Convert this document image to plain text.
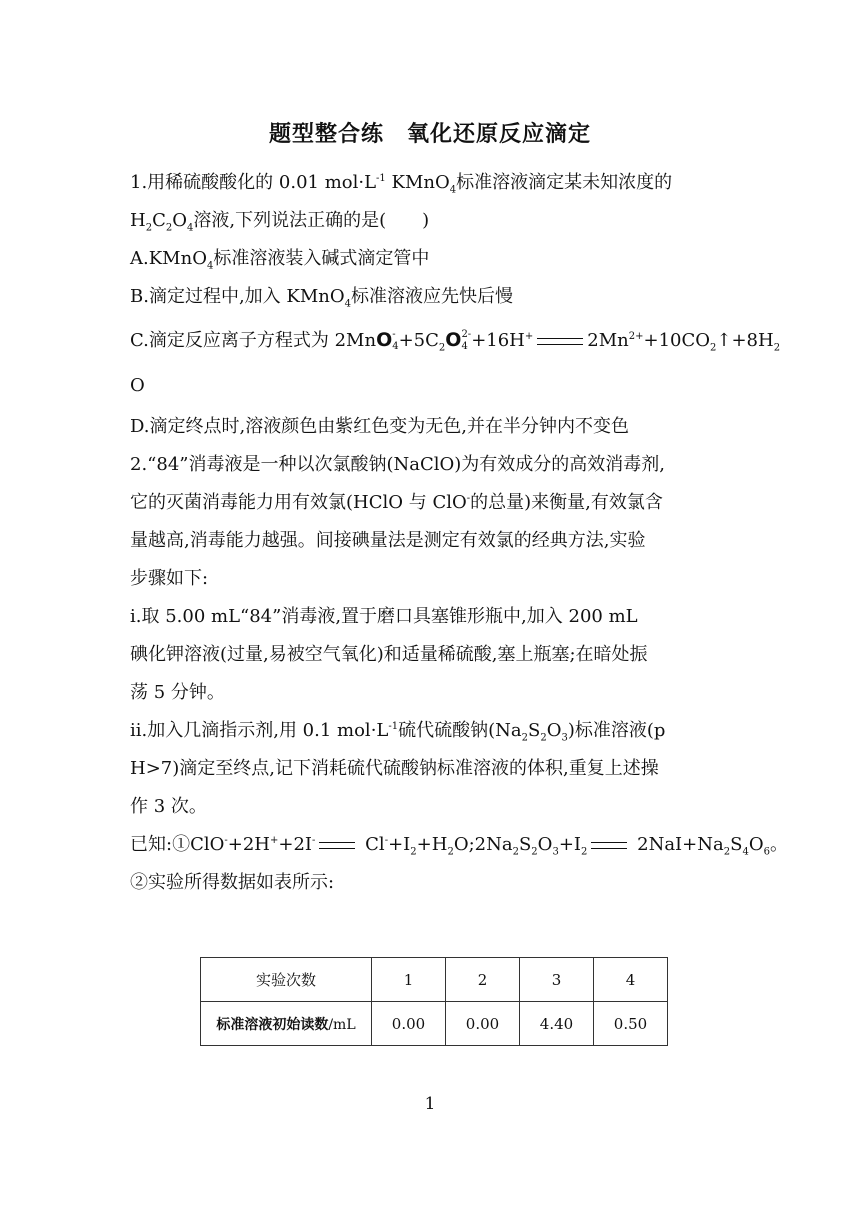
题型整合练　氧化还原反应滴定
1.用稀硫酸酸化的 0.01 $mol\cdot L^{-1}$ KMnO$_4$标准溶液滴定某未知浓度的
$H_2C_2O_4$溶液,下列说法正确的是(　　)
A.KMnO$_4$标准溶液装入碱式滴定管中
B.滴定过程中,加入 KMnO$_4$标准溶液应先快后慢
C.滴定反应离子方程式为 2MnO -
$4 +5C_2O$ 2-
4 +16H+	$2Mn^{2+}+10CO_2↑+8H_2$
O
D.滴定终点时,溶液颜色由紫红色变为无色,并在半分钟内不变色
2.“84”消毒液是一种以次氯酸钠(NaClO)为有效成分的高效消毒剂,
它的灭菌消毒能力用有效氯(HClO 与 ClO-的总量)来衡量,有效氯含
量越高,消毒能力越强。间接碘量法是测定有效氯的经典方法,实验
步骤如下:
ⅰ.取 5.00 mL“84”消毒液,置于磨口具塞锥形瓶中,加入 200 mL
碘化钾溶液(过量,易被空气氧化)和适量稀硫酸,塞上瓶塞;在暗处振
荡 5 分钟。
ⅱ.加入几滴指示剂,用 0.1 $mol\cdot L^{-1}$硫代硫酸钠$(Na_2S_2O_3)$标准溶液(p
H>7)滴定至终点,记下消耗硫代硫酸钠标准溶液的体积,重复上述操
作 3 次。
已知:①ClO-+2H++2I- $Cl^-+I_2+H_2O;2Na_2S_2O_3+I_2$ $2NaI+Na_2S_4O_6$。
②实验所得数据如表所示:
实验次数	1	2	3	4
标准溶液初始读数/mL	0.00	0.00	4.40	0.50
1
